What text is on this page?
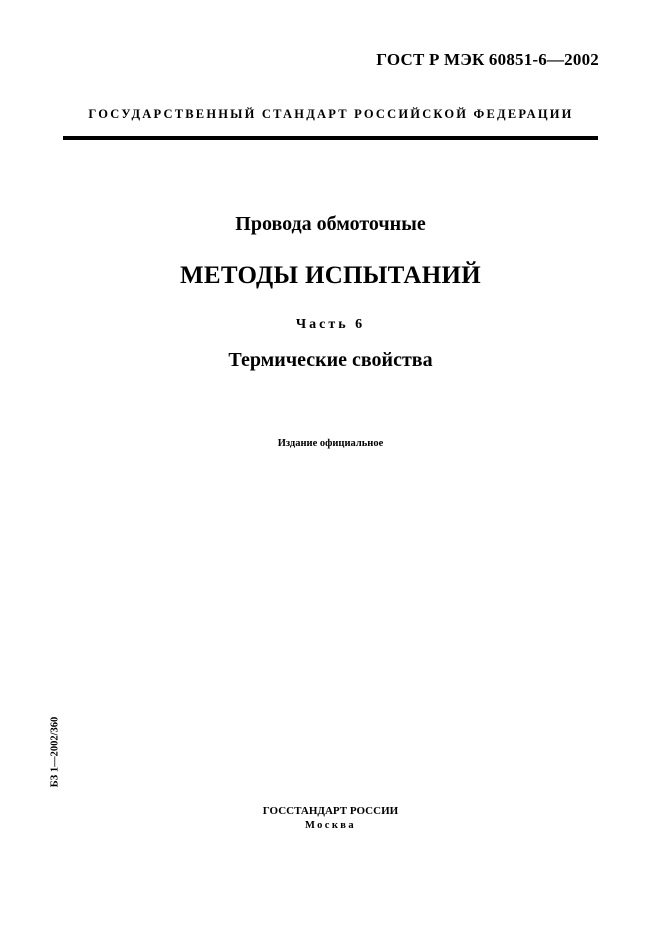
ГОСТ Р МЭК 60851-6—2002
ГОСУДАРСТВЕННЫЙ СТАНДАРТ РОССИЙСКОЙ ФЕДЕРАЦИИ
Провода обмоточные
МЕТОДЫ ИСПЫТАНИЙ
Часть 6
Термические свойства
Издание официальное
БЗ 1—2002/360
ГОССТАНДАРТ РОССИИ
Москва
